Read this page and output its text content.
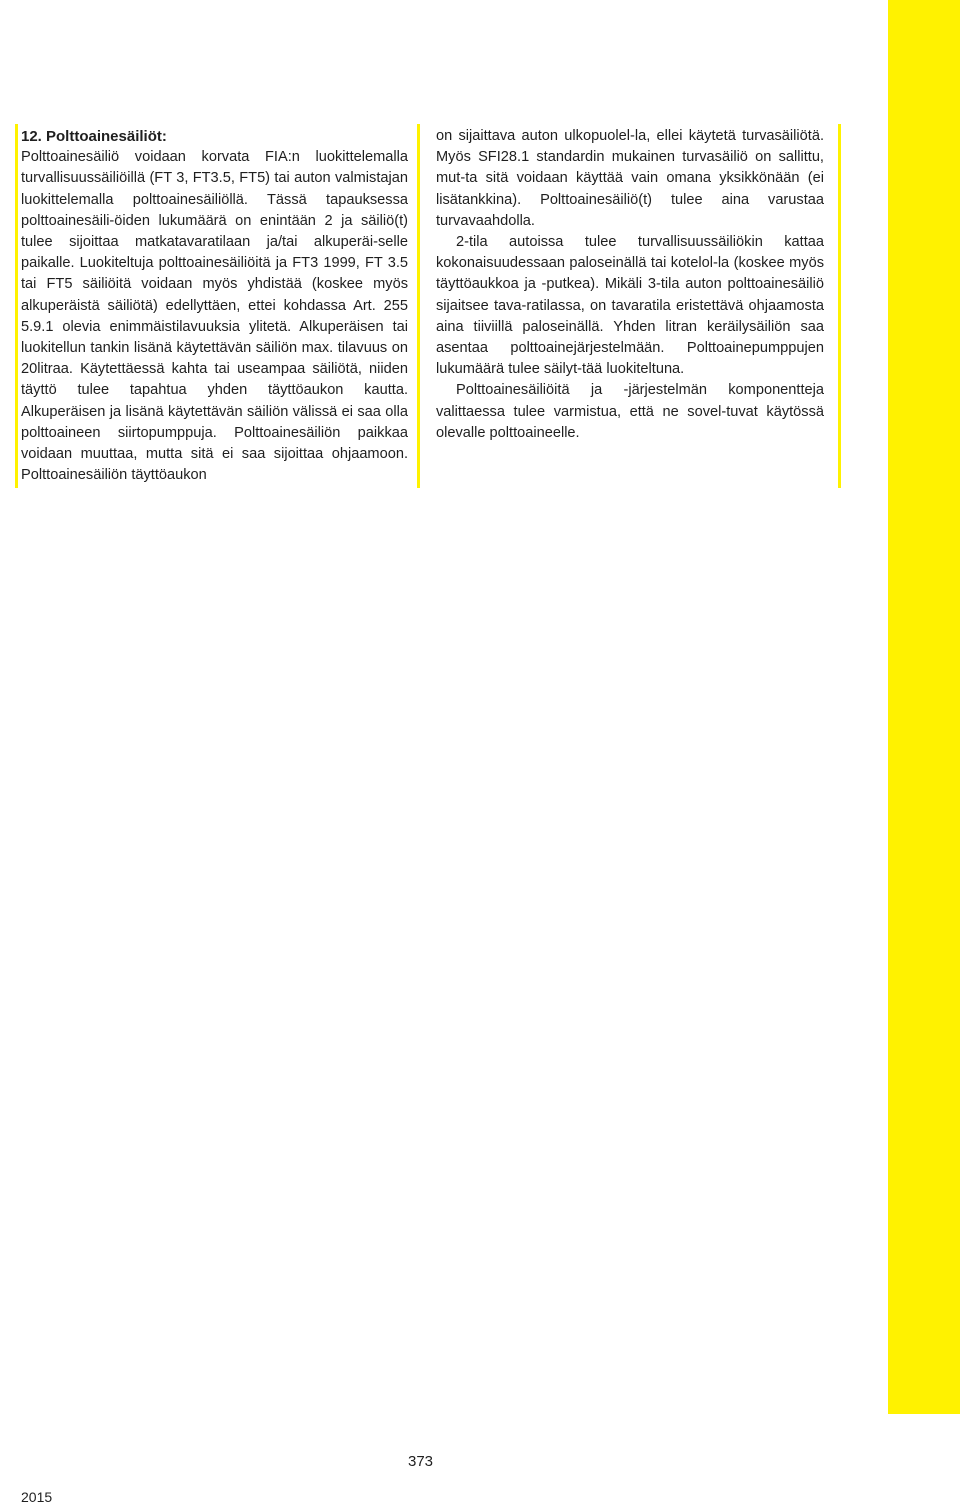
12. Polttoainesäiliöt:

Polttoainesäiliö voidaan korvata FIA:n luokittelemalla turvallisuussäiliöillä (FT 3, FT3.5, FT5) tai auton valmistajan luokittelemalla polttoainesäiliöllä. Tässä tapauksessa polttoainesäili-öiden lukumäärä on enintään 2 ja säiliö(t) tulee sijoittaa matkatavaratilaan ja/tai alkuperäi-selle paikalle. Luokiteltuja polttoainesäiliöitä ja FT3 1999, FT 3.5 tai FT5 säiliöitä voidaan myös yhdistää (koskee myös alkuperäistä säiliötä) edellyttäen, ettei kohdassa Art. 255 5.9.1 olevia enimmäistilavuuksia ylitetä. Alkuperäisen tai luokitellun tankin lisänä käytettävän säiliön max. tilavuus on 20litraa. Käytettäessä kahta tai useampaa säiliötä, niiden täyttö tulee tapahtua yhden täyttöaukon kautta. Alkuperäisen ja lisänä käytettävän säiliön välissä ei saa olla polttoaineen siirtopumppuja. Polttoainesäiliön paikkaa voidaan muuttaa, mutta sitä ei saa sijoittaa ohjaamoon. Polttoainesäiliön täyttöaukon

on sijaittava auton ulkopuolel-la, ellei käytetä turvasäiliötä. Myös SFI28.1 standardin mukainen turvasäiliö on sallittu, mut-ta sitä voidaan käyttää vain omana yksikkönään (ei lisätankkina). Polttoainesäiliö(t) tulee aina varustaa turvavaahdolla.

2-tila autoissa tulee turvallisuussäiliökin kattaa kokonaisuudessaan paloseinällä tai kotelol-la (koskee myös täyttöaukkoa ja -putkea). Mikäli 3-tila auton polttoainesäiliö sijaitsee tava-ratilassa, on tavaratila eristettävä ohjaamosta aina tiiviillä paloseinällä. Yhden litran keräilysäiliön saa asentaa polttoainejärjestelmään. Polttoainepumppujen lukumäärä tulee säilyt-tää luokiteltuna.

Polttoainesäiliöitä ja -järjestelmän komponentteja valittaessa tulee varmistua, että ne sovel-tuvat käytössä olevalle polttoaineelle.

373
2015
